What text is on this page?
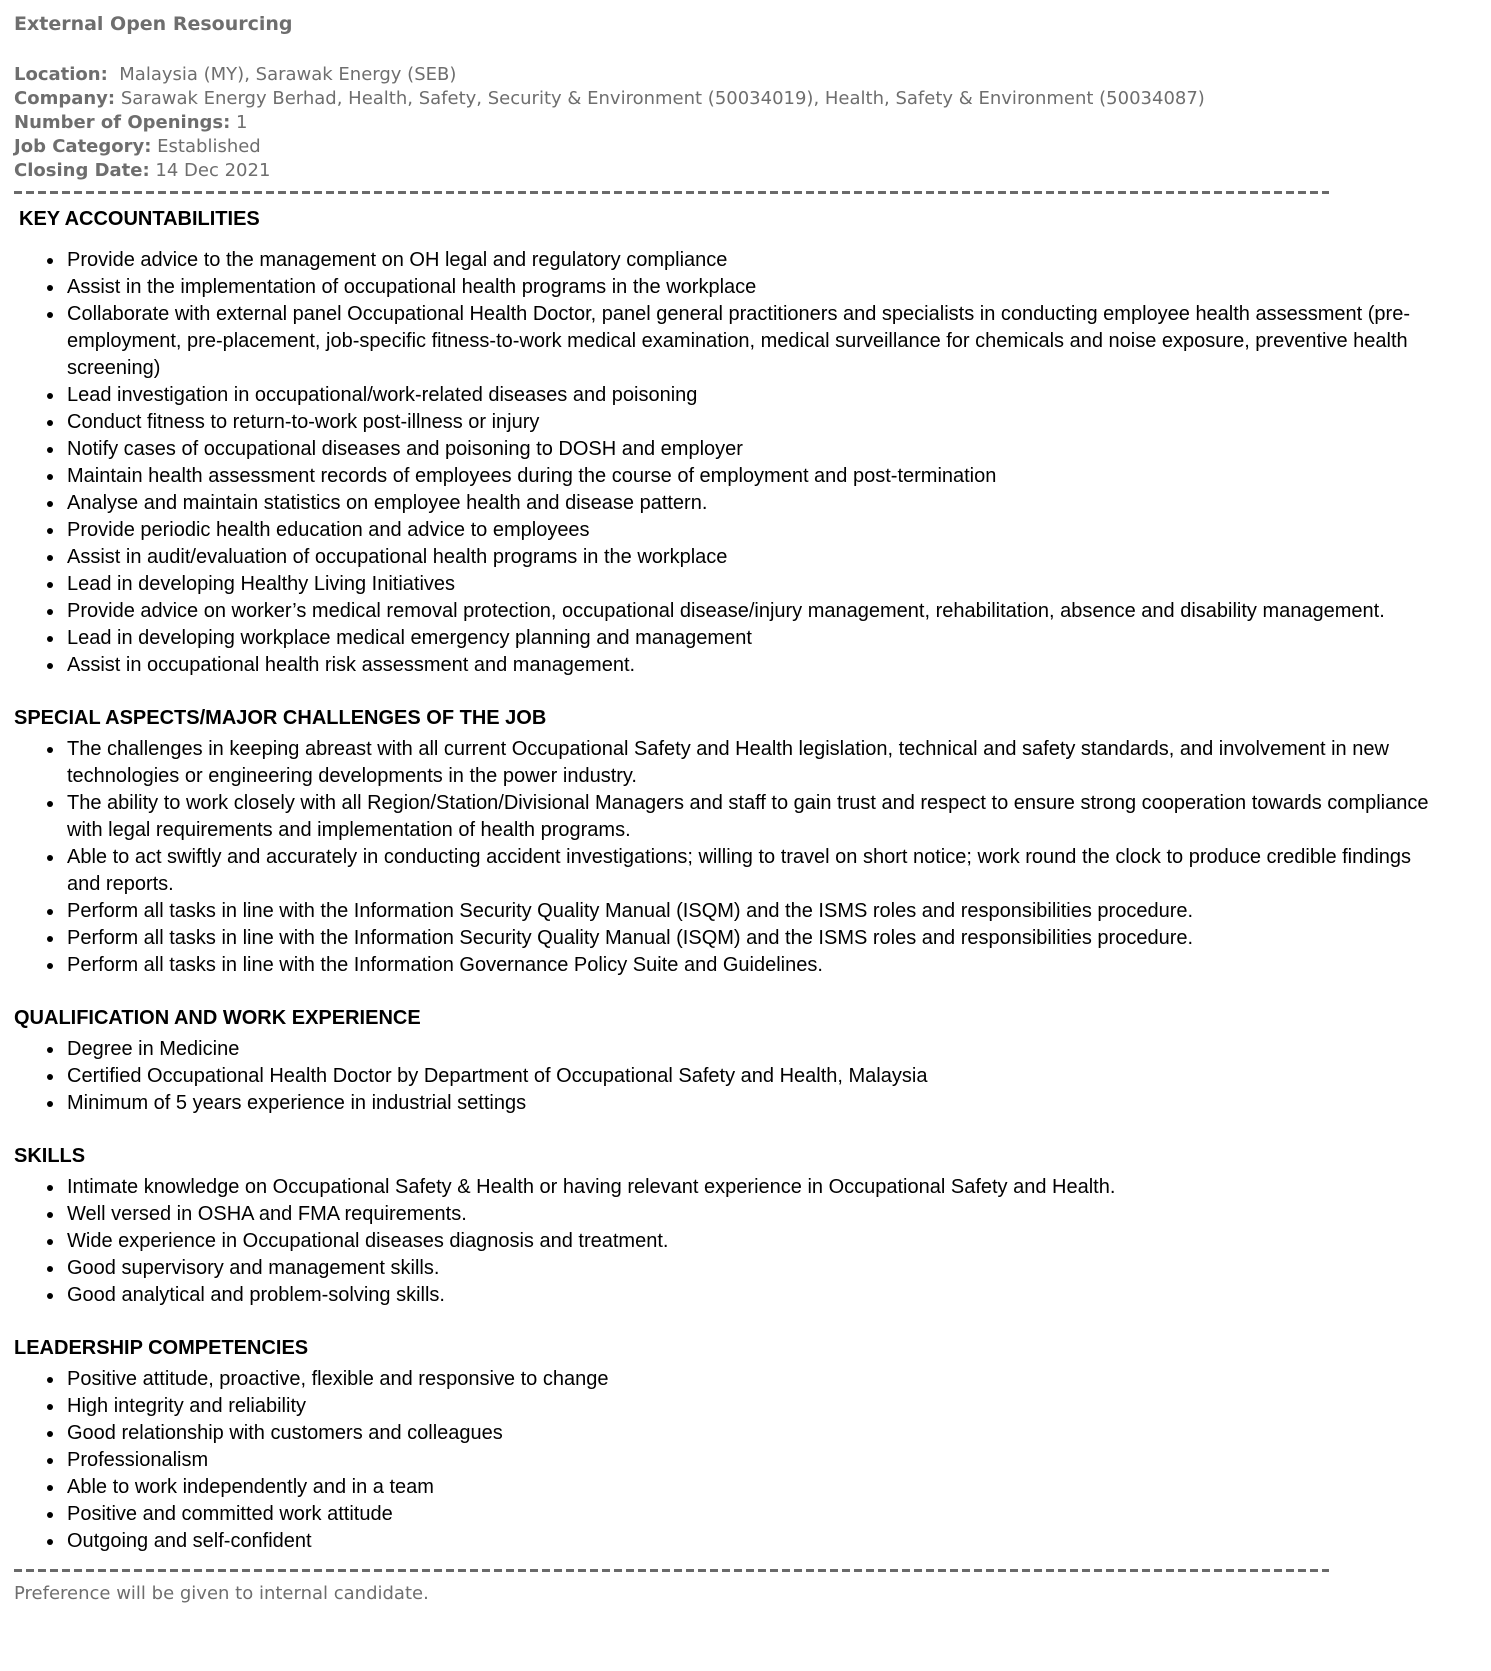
External Open Resourcing
Location:  Malaysia (MY), Sarawak Energy (SEB)
Company: Sarawak Energy Berhad, Health, Safety, Security & Environment (50034019), Health, Safety & Environment (50034087)
Number of Openings: 1
Job Category: Established
Closing Date: 14 Dec 2021
KEY ACCOUNTABILITIES
• Provide advice to the management on OH legal and regulatory compliance
• Assist in the implementation of occupational health programs in the workplace
• Collaborate with external panel Occupational Health Doctor, panel general practitioners and specialists in conducting employee health assessment (pre-employment, pre-placement, job-specific fitness-to-work medical examination, medical surveillance for chemicals and noise exposure, preventive health screening)
• Lead investigation in occupational/work-related diseases and poisoning
• Conduct fitness to return-to-work post-illness or injury
• Notify cases of occupational diseases and poisoning to DOSH and employer
• Maintain health assessment records of employees during the course of employment and post-termination
• Analyse and maintain statistics on employee health and disease pattern.
• Provide periodic health education and advice to employees
• Assist in audit/evaluation of occupational health programs in the workplace
• Lead in developing Healthy Living Initiatives
• Provide advice on worker’s medical removal protection, occupational disease/injury management, rehabilitation, absence and disability management.
• Lead in developing workplace medical emergency planning and management
• Assist in occupational health risk assessment and management.
SPECIAL ASPECTS/MAJOR CHALLENGES OF THE JOB
• The challenges in keeping abreast with all current Occupational Safety and Health legislation, technical and safety standards, and involvement in new technologies or engineering developments in the power industry.
• The ability to work closely with all Region/Station/Divisional Managers and staff to gain trust and respect to ensure strong cooperation towards compliance with legal requirements and implementation of health programs.
• Able to act swiftly and accurately in conducting accident investigations; willing to travel on short notice; work round the clock to produce credible findings and reports.
• Perform all tasks in line with the Information Security Quality Manual (ISQM) and the ISMS roles and responsibilities procedure.
• Perform all tasks in line with the Information Security Quality Manual (ISQM) and the ISMS roles and responsibilities procedure.
• Perform all tasks in line with the Information Governance Policy Suite and Guidelines.
QUALIFICATION AND WORK EXPERIENCE
• Degree in Medicine
• Certified Occupational Health Doctor by Department of Occupational Safety and Health, Malaysia
• Minimum of 5 years experience in industrial settings
SKILLS
• Intimate knowledge on Occupational Safety & Health or having relevant experience in Occupational Safety and Health.
• Well versed in OSHA and FMA requirements.
• Wide experience in Occupational diseases diagnosis and treatment.
• Good supervisory and management skills.
• Good analytical and problem-solving skills.
LEADERSHIP COMPETENCIES
• Positive attitude, proactive, flexible and responsive to change
• High integrity and reliability
• Good relationship with customers and colleagues
• Professionalism
• Able to work independently and in a team
• Positive and committed work attitude
• Outgoing and self-confident
Preference will be given to internal candidate.
